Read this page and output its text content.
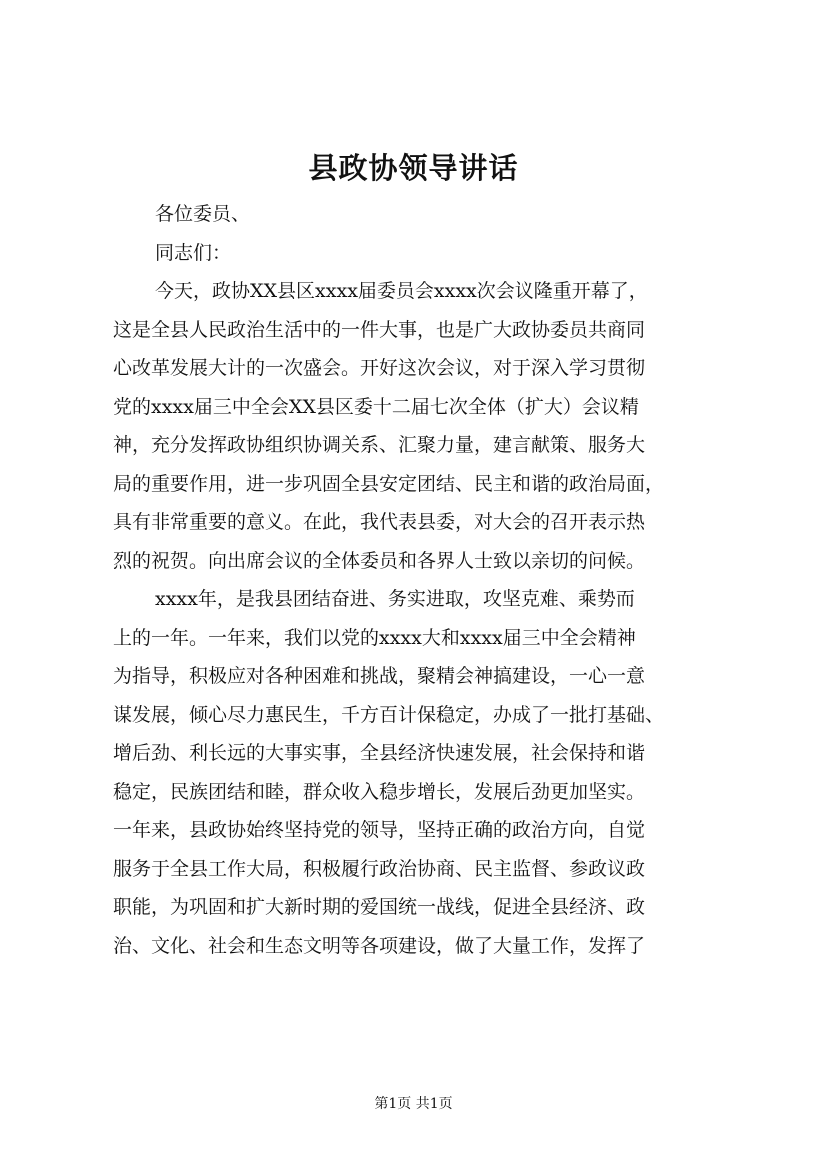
县政协领导讲话
各位委员、
同志们：
今天，政协XX县区xxxx届委员会xxxx次会议隆重开幕了，
这是全县人民政治生活中的一件大事，也是广大政协委员共商同
心改革发展大计的一次盛会。开好这次会议，对于深入学习贯彻
党的xxxx届三中全会XX县区委十二届七次全体（扩大）会议精
神，充分发挥政协组织协调关系、汇聚力量，建言献策、服务大
局的重要作用，进一步巩固全县安定团结、民主和谐的政治局面，
具有非常重要的意义。在此，我代表县委，对大会的召开表示热
烈的祝贺。向出席会议的全体委员和各界人士致以亲切的问候。
xxxx年，是我县团结奋进、务实进取，攻坚克难、乘势而
上的一年。一年来，我们以党的xxxx大和xxxx届三中全会精神
为指导，积极应对各种困难和挑战，聚精会神搞建设，一心一意
谋发展，倾心尽力惠民生，千方百计保稳定，办成了一批打基础、
增后劲、利长远的大事实事，全县经济快速发展，社会保持和谐
稳定，民族团结和睦，群众收入稳步增长，发展后劲更加坚实。
一年来，县政协始终坚持党的领导，坚持正确的政治方向，自觉
服务于全县工作大局，积极履行政治协商、民主监督、参政议政
职能，为巩固和扩大新时期的爱国统一战线，促进全县经济、政
治、文化、社会和生态文明等各项建设，做了大量工作，发挥了
第1页 共1页
